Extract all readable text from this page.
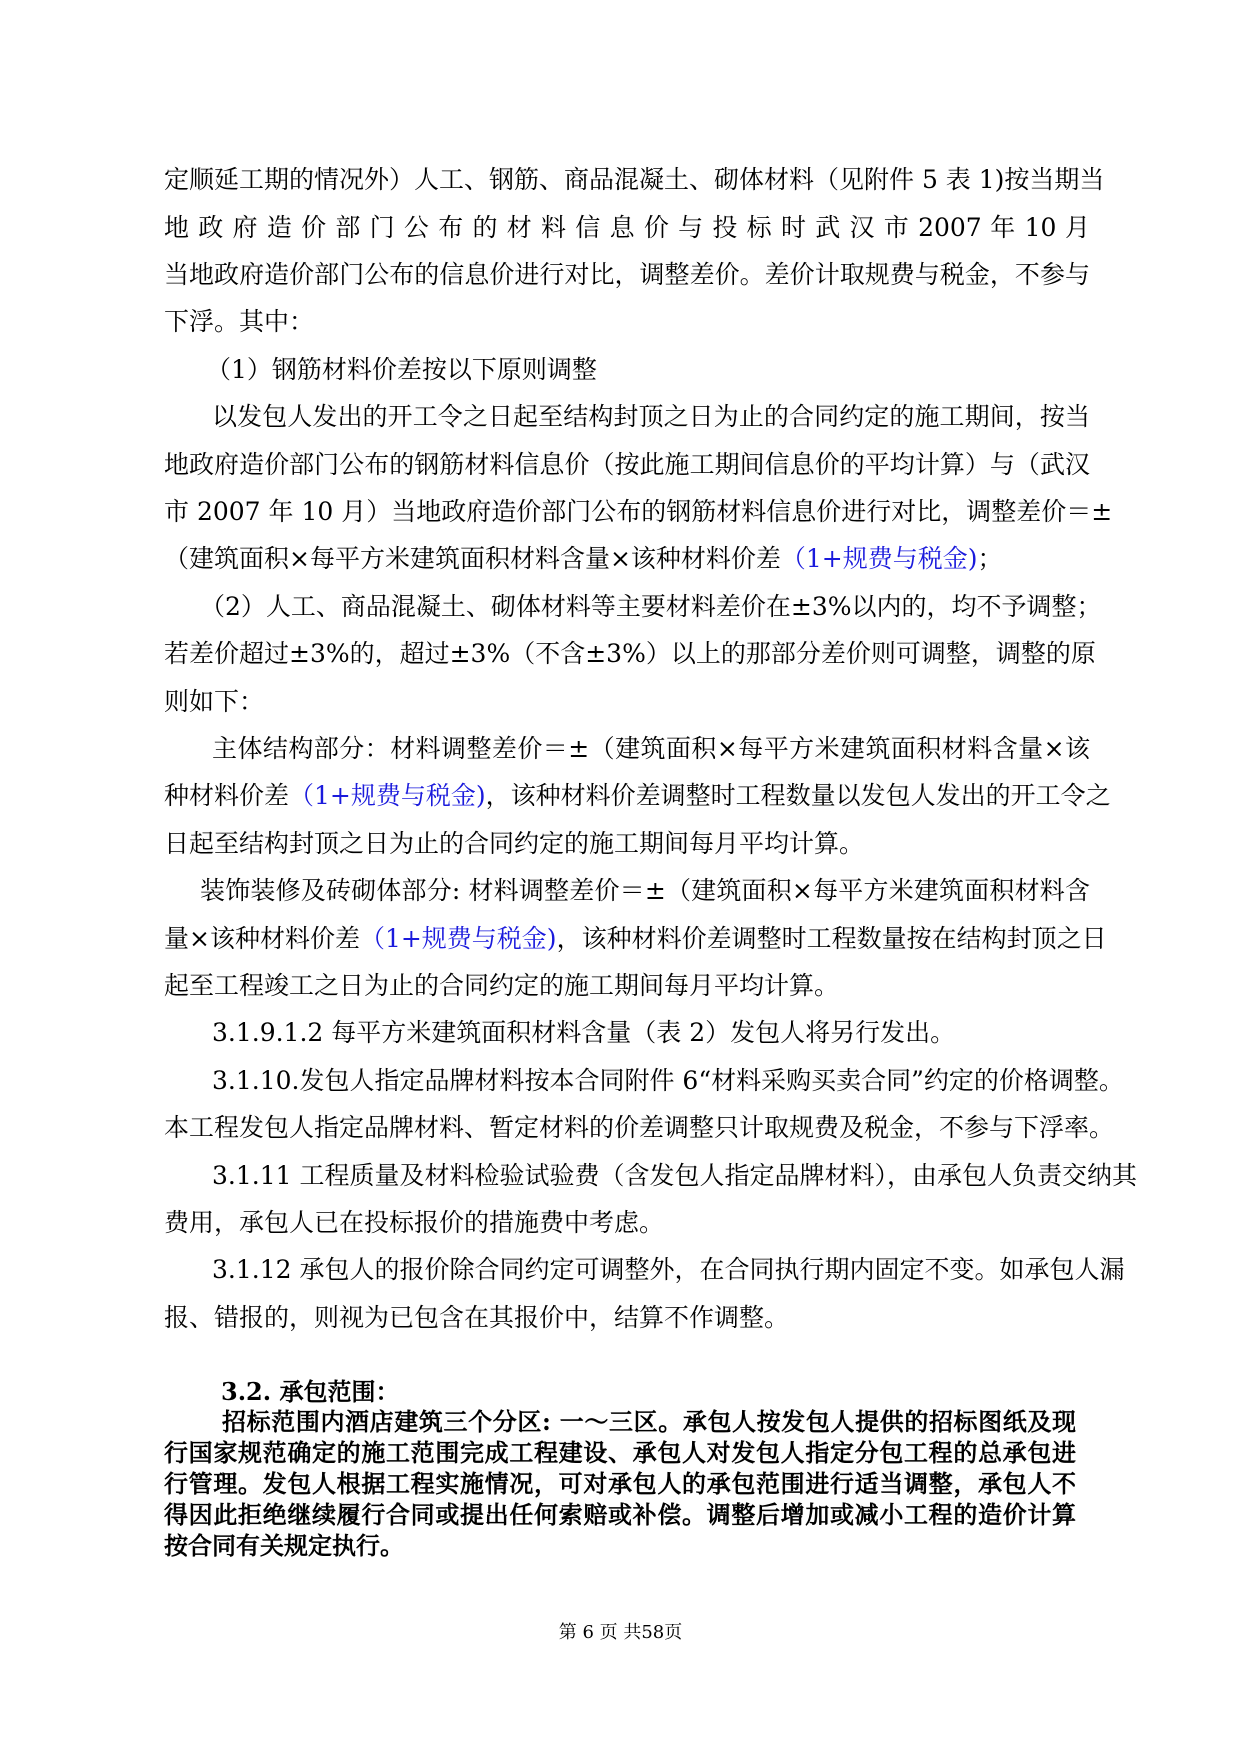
定顺延工期的情况外）人工、钢筋、商品混凝土、砌体材料（见附件 5 表 1)按当期当
地 政 府 造 价 部 门 公 布 的 材 料 信 息 价 与 投 标 时 武 汉 市 2007 年 10 月
当地政府造价部门公布的信息价进行对比，调整差价。差价计取规费与税金，不参与
下浮。其中：
（1）钢筋材料价差按以下原则调整
以发包人发出的开工令之日起至结构封顶之日为止的合同约定的施工期间，按当
地政府造价部门公布的钢筋材料信息价（按此施工期间信息价的平均计算）与（武汉
市 2007 年 10 月）当地政府造价部门公布的钢筋材料信息价进行对比，调整差价＝±
（建筑面积×每平方米建筑面积材料含量×该种材料价差（1+规费与税金)；
（2）人工、商品混凝土、砌体材料等主要材料差价在±3%以内的，均不予调整；
若差价超过±3%的，超过±3%（不含±3%）以上的那部分差价则可调整，调整的原
则如下：
主体结构部分：材料调整差价＝±（建筑面积×每平方米建筑面积材料含量×该
种材料价差（1+规费与税金)，该种材料价差调整时工程数量以发包人发出的开工令之
日起至结构封顶之日为止的合同约定的施工期间每月平均计算。
装饰装修及砖砌体部分: 材料调整差价＝±（建筑面积×每平方米建筑面积材料含
量×该种材料价差（1+规费与税金)，该种材料价差调整时工程数量按在结构封顶之日
起至工程竣工之日为止的合同约定的施工期间每月平均计算。
3.1.9.1.2 每平方米建筑面积材料含量（表 2）发包人将另行发出。
3.1.10.发包人指定品牌材料按本合同附件 6“材料采购买卖合同”约定的价格调整。
本工程发包人指定品牌材料、暂定材料的价差调整只计取规费及税金，不参与下浮率。
3.1.11 工程质量及材料检验试验费（含发包人指定品牌材料），由承包人负责交纳其
费用，承包人已在投标报价的措施费中考虑。
3.1.12 承包人的报价除合同约定可调整外，在合同执行期内固定不变。如承包人漏
报、错报的，则视为已包含在其报价中，结算不作调整。
3.2. 承包范围：
招标范围内酒店建筑三个分区: 一～三区。承包人按发包人提供的招标图纸及现
行国家规范确定的施工范围完成工程建设、承包人对发包人指定分包工程的总承包进
行管理。发包人根据工程实施情况，可对承包人的承包范围进行适当调整，承包人不
得因此拒绝继续履行合同或提出任何索赔或补偿。调整后增加或减小工程的造价计算
按合同有关规定执行。
第 6 页 共58页
